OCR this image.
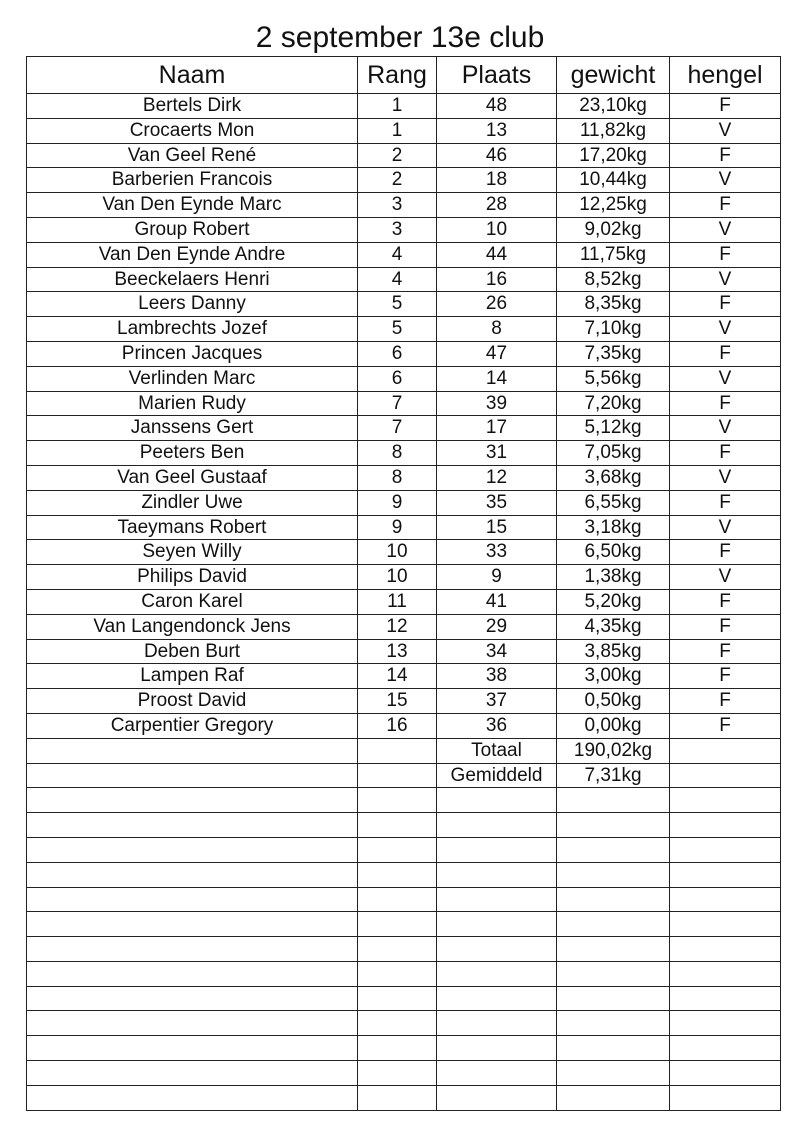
2 september 13e club
Naam	Rang	Plaats	gewicht	hengel
Bertels Dirk	1	48	23,10kg	F
Crocaerts Mon	1	13	11,82kg	V
Van Geel René	2	46	17,20kg	F
Barberien Francois	2	18	10,44kg	V
Van Den Eynde Marc	3	28	12,25kg	F
Group Robert	3	10	9,02kg	V
Van Den Eynde Andre	4	44	11,75kg	F
Beeckelaers Henri	4	16	8,52kg	V
Leers Danny	5	26	8,35kg	F
Lambrechts Jozef	5	8	7,10kg	V
Princen Jacques	6	47	7,35kg	F
Verlinden Marc	6	14	5,56kg	V
Marien Rudy	7	39	7,20kg	F
Janssens Gert	7	17	5,12kg	V
Peeters Ben	8	31	7,05kg	F
Van Geel Gustaaf	8	12	3,68kg	V
Zindler Uwe	9	35	6,55kg	F
Taeymans Robert	9	15	3,18kg	V
Seyen Willy	10	33	6,50kg	F
Philips David	10	9	1,38kg	V
Caron Karel	11	41	5,20kg	F
Van Langendonck Jens	12	29	4,35kg	F
Deben Burt	13	34	3,85kg	F
Lampen Raf	14	38	3,00kg	F
Proost David	15	37	0,50kg	F
Carpentier Gregory	16	36	0,00kg	F
		Totaal	190,02kg	
		Gemiddeld	7,31kg	
